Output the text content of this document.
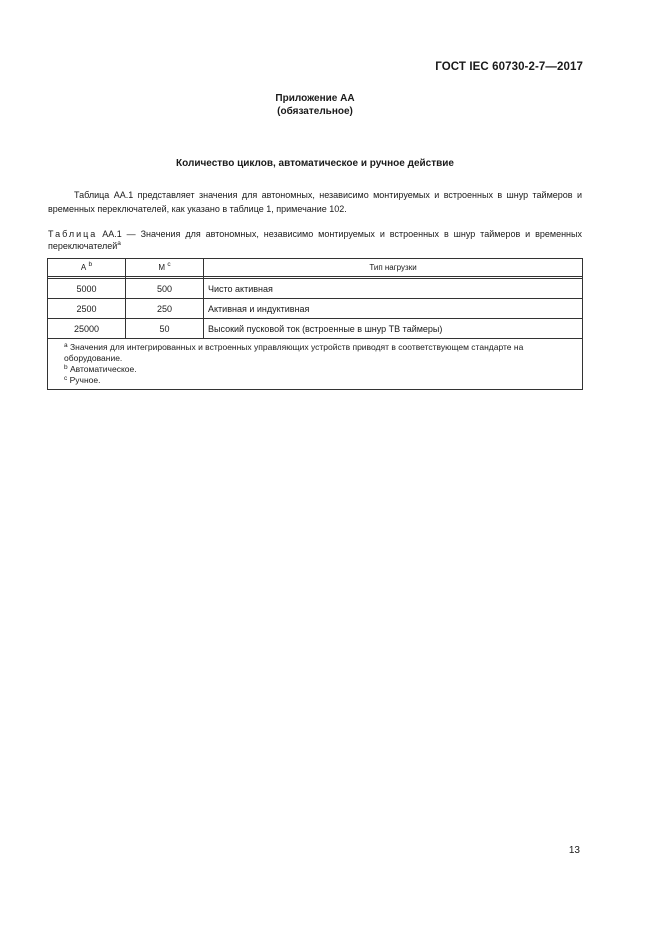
ГОСТ IEC 60730-2-7—2017
Приложение АА
(обязательное)
Количество циклов, автоматическое и ручное действие
Таблица АА.1 представляет значения для автономных, независимо монтируемых и встроенных в шнур таймеров и временных переключателей, как указано в таблице 1, примечание 102.
Таблица АА.1 — Значения для автономных, независимо монтируемых и встроенных в шнур таймеров и временных переключателей$^a$
А $^b$	М $^c$	Тип нагрузки

5000	500	Чисто активная
2500	250	Активная и индуктивная
25000	50	Высокий пусковой ток (встроенные в шнур ТВ таймеры)

$^a$ Значения для интегрированных и встроенных управляющих устройств приводят в соответствующем стандарте на оборудование.

$^b$ Автоматическое.

$^c$ Ручное.		

13
